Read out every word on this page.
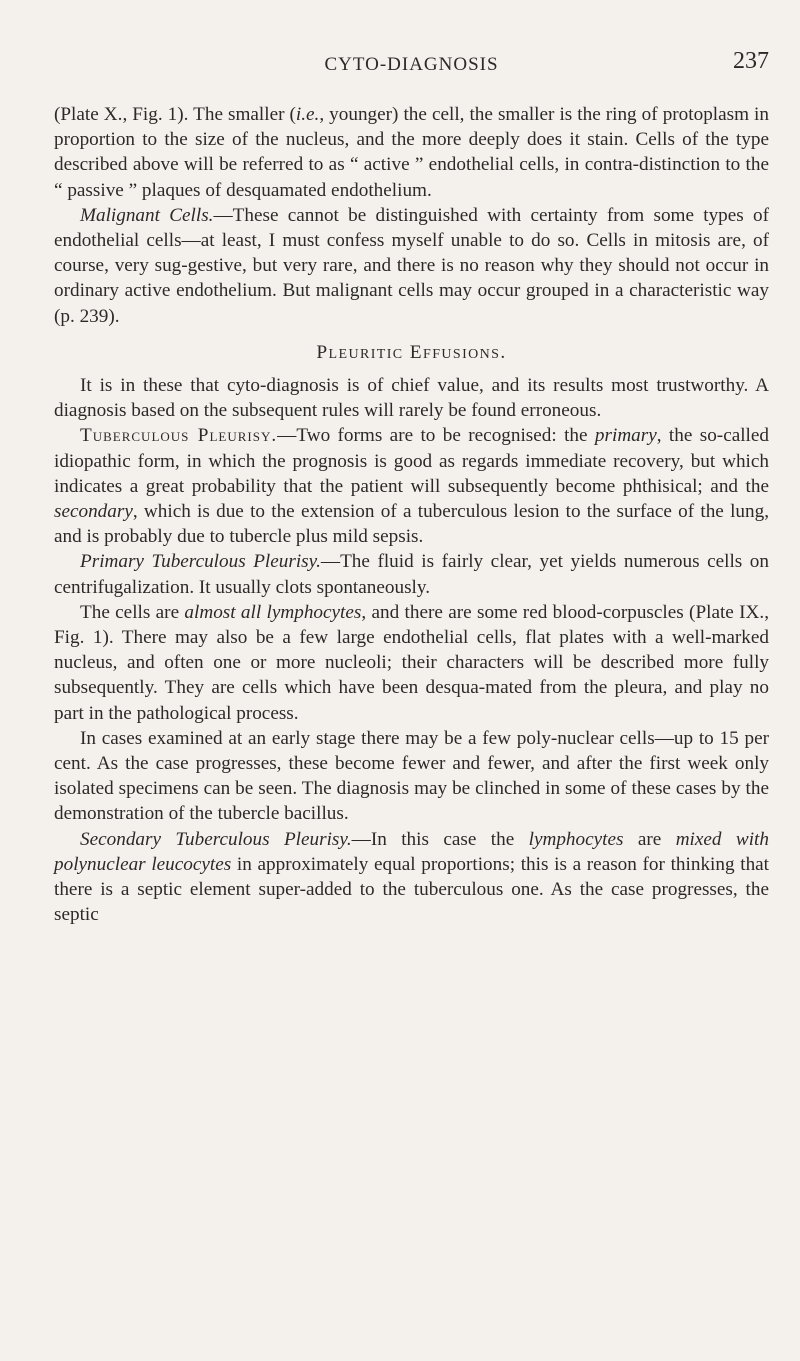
CYTO-DIAGNOSIS	237

(Plate X., Fig. 1). The smaller (i.e., younger) the cell, the smaller is the ring of protoplasm in proportion to the size of the nucleus, and the more deeply does it stain. Cells of the type described above will be referred to as “ active ” endothelial cells, in contra-distinction to the “ passive ” plaques of desquamated endothelium.

Malignant Cells.—These cannot be distinguished with certainty from some types of endothelial cells—at least, I must confess myself unable to do so. Cells in mitosis are, of course, very sug-gestive, but very rare, and there is no reason why they should not occur in ordinary active endothelium. But malignant cells may occur grouped in a characteristic way (p. 239).

Pleuritic Effusions.

It is in these that cyto-diagnosis is of chief value, and its results most trustworthy. A diagnosis based on the subsequent rules will rarely be found erroneous.

Tuberculous Pleurisy.—Two forms are to be recognised: the primary, the so-called idiopathic form, in which the prognosis is good as regards immediate recovery, but which indicates a great probability that the patient will subsequently become phthisical; and the secondary, which is due to the extension of a tuberculous lesion to the surface of the lung, and is probably due to tubercle plus mild sepsis.

Primary Tuberculous Pleurisy.—The fluid is fairly clear, yet yields numerous cells on centrifugalization. It usually clots spontaneously.

The cells are almost all lymphocytes, and there are some red blood-corpuscles (Plate IX., Fig. 1). There may also be a few large endothelial cells, flat plates with a well-marked nucleus, and often one or more nucleoli; their characters will be described more fully subsequently. They are cells which have been desqua-mated from the pleura, and play no part in the pathological process.

In cases examined at an early stage there may be a few poly-nuclear cells—up to 15 per cent. As the case progresses, these become fewer and fewer, and after the first week only isolated specimens can be seen. The diagnosis may be clinched in some of these cases by the demonstration of the tubercle bacillus.

Secondary Tuberculous Pleurisy.—In this case the lymphocytes are mixed with polynuclear leucocytes in approximately equal proportions; this is a reason for thinking that there is a septic element super-added to the tuberculous one. As the case progresses, the septic
